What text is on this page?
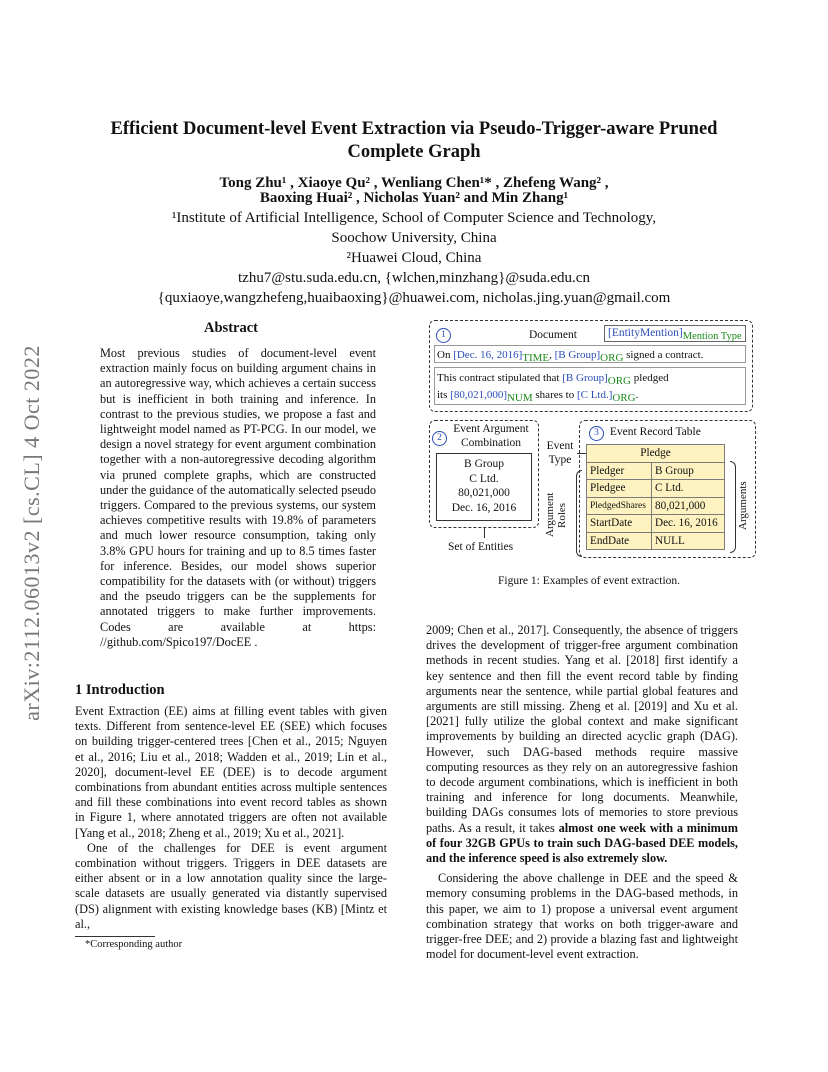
Efficient Document-level Event Extraction via Pseudo-Trigger-aware Pruned
Complete Graph
Tong Zhu¹ , Xiaoye Qu² , Wenliang Chen¹* , Zhefeng Wang² ,
Baoxing Huai² , Nicholas Yuan² and Min Zhang¹
¹Institute of Artificial Intelligence, School of Computer Science and Technology,
Soochow University, China
²Huawei Cloud, China
tzhu7@stu.suda.edu.cn, {wlchen,minzhang}@suda.edu.cn
{quxiaoye,wangzhefeng,huaibaoxing}@huawei.com, nicholas.jing.yuan@gmail.com
arXiv:2112.06013v2 [cs.CL] 4 Oct 2022
Abstract
Most previous studies of document-level event extraction mainly focus on building argument chains in an autoregressive way, which achieves a certain success but is inefficient in both training and inference. In contrast to the previous studies, we propose a fast and lightweight model named as PT-PCG. In our model, we design a novel strategy for event argument combination together with a non-autoregressive decoding algorithm via pruned complete graphs, which are constructed under the guidance of the automatically selected pseudo triggers. Compared to the previous systems, our system achieves competitive results with 19.8% of parameters and much lower resource consumption, taking only 3.8% GPU hours for training and up to 8.5 times faster for inference. Besides, our model shows superior compatibility for the datasets with (or without) triggers and the pseudo triggers can be the supplements for annotated triggers to make further improvements. Codes are available at https: //github.com/Spico197/DocEE .
1 Introduction

Event Extraction (EE) aims at filling event tables with given texts. Different from sentence-level EE (SEE) which focuses on building trigger-centered trees [Chen et al., 2015; Nguyen et al., 2016; Liu et al., 2018; Wadden et al., 2019; Lin et al., 2020], document-level EE (DEE) is to decode argument combinations from abundant entities across multiple sentences and fill these combinations into event record tables as shown in Figure 1, where annotated triggers are often not available [Yang et al., 2018; Zheng et al., 2019; Xu et al., 2021].

One of the challenges for DEE is event argument combination without triggers. Triggers in DEE datasets are either absent or in a low annotation quality since the large-scale datasets are usually generated via distantly supervised (DS) alignment with existing knowledge bases (KB) [Mintz et al.,

*Corresponding author
1	Document	[EntityMention]Mention Type
On [Dec. 16, 2016]TIME, [B Group]ORG signed a contract.
This contract stipulated that [B Group]ORG pledged
its [80,021,000]NUM shares to [C Ltd.]ORG.
2
Event Argument
Combination
B Group
C Ltd.
80,021,000
Dec. 16, 2016
Set of Entities
Event
Type
Argument Roles
3 Event Record Table
Pledge	
Pledger	B Group
Pledgee	C Ltd.
PledgedShares	80,021,000
StartDate	Dec. 16, 2016
EndDate	NULL
Arguments
Figure 1: Examples of event extraction.

2009; Chen et al., 2017]. Consequently, the absence of triggers drives the development of trigger-free argument combination methods in recent studies. Yang et al. [2018] first identify a key sentence and then fill the event record table by finding arguments near the sentence, while partial global features and arguments are still missing. Zheng et al. [2019] and Xu et al. [2021] fully utilize the global context and make significant improvements by building an directed acyclic graph (DAG). However, such DAG-based methods require massive computing resources as they rely on an autoregressive fashion to decode argument combinations, which is inefficient in both training and inference for long documents. Meanwhile, building DAGs consumes lots of memories to store previous paths. As a result, it takes almost one week with a minimum of four 32GB GPUs to train such DAG-based DEE models, and the inference speed is also extremely slow.

Considering the above challenge in DEE and the speed & memory consuming problems in the DAG-based methods, in this paper, we aim to 1) propose a universal event argument combination strategy that works on both trigger-aware and trigger-free DEE; and 2) provide a blazing fast and lightweight model for document-level event extraction.
